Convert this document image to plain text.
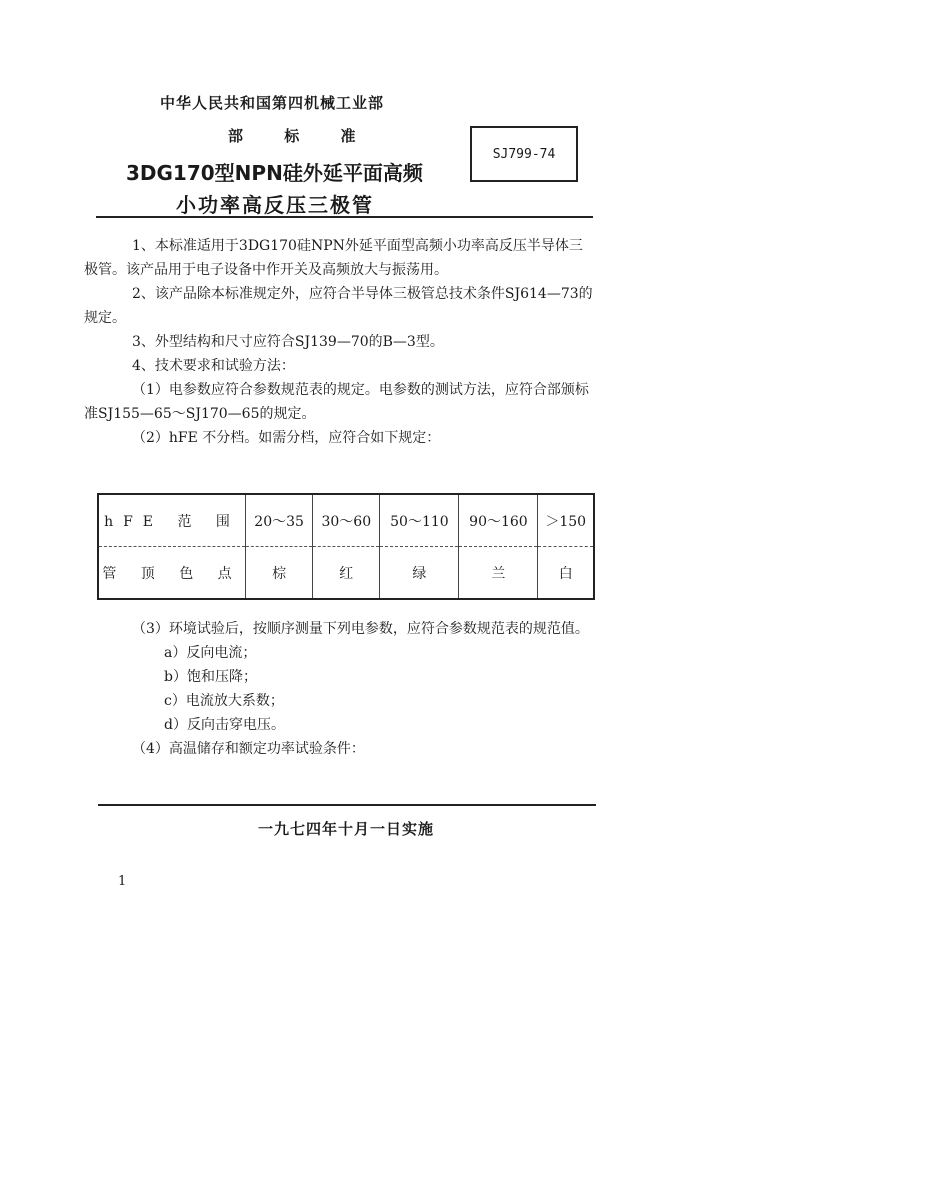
中华人民共和国第四机械工业部
部 标 准
3DG170型NPN硅外延平面高频
小功率高反压三极管
SJ799-74

1、本标准适用于3DG170硅NPN外延平面型高频小功率高反压半导体三极管。该产品用于电子设备中作开关及高频放大与振荡用。

2、该产品除本标准规定外，应符合半导体三极管总技术条件SJ614—73的规定。

3、外型结构和尺寸应符合SJ139—70的B—3型。

4、技术要求和试验方法：

（1）电参数应符合参数规范表的规定。电参数的测试方法，应符合部颁标准SJ155—65～SJ170—65的规定。

（2）hFE 不分档。如需分档，应符合如下规定：

hFE 范 围	20～35	30～60	50～110	90～160	＞150
管 顶 色 点	棕	红	绿	兰	白

（3）环境试验后，按顺序测量下列电参数，应符合参数规范表的规范值。

a）反向电流；

b）饱和压降；

c）电流放大系数；

d）反向击穿电压。

（4）高温储存和额定功率试验条件：

一九七四年十月一日实施
1
